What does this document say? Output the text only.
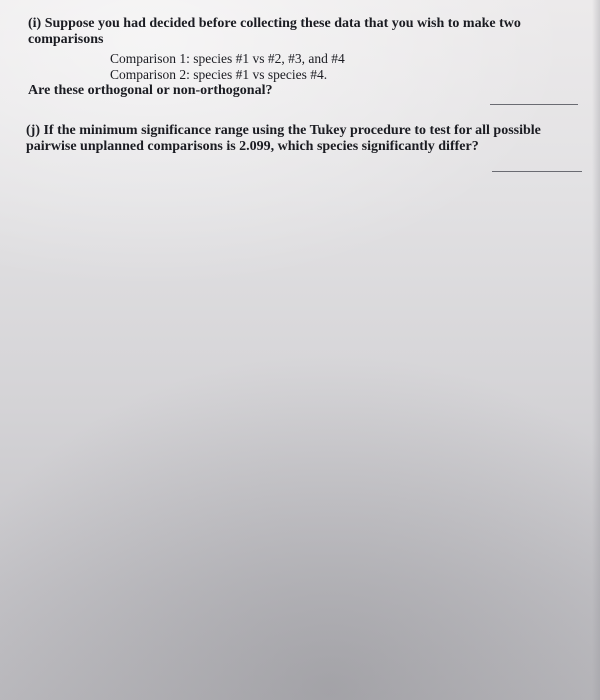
(i) Suppose you had decided before collecting these data that you wish to make two
comparisons
Comparison 1: species #1 vs #2, #3, and #4
Comparison 2: species #1 vs species #4.
Are these orthogonal or non-orthogonal?
(j) If the minimum significance range using the Tukey procedure to test for all possible
pairwise unplanned comparisons is 2.099, which species significantly differ?
